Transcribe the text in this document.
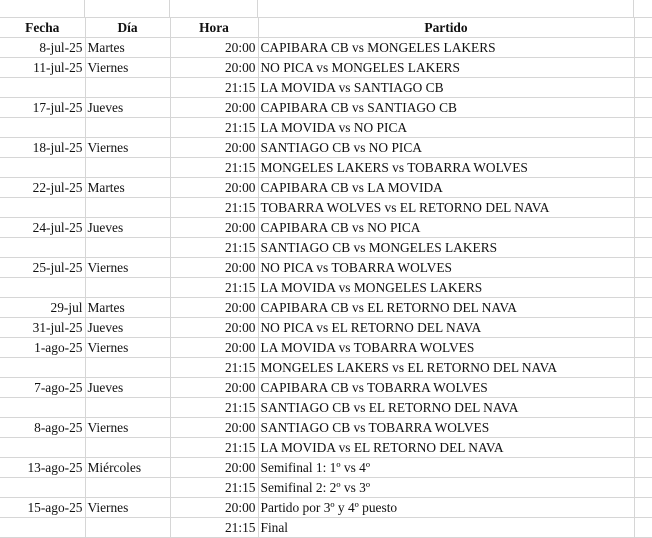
Fecha	Día	Hora	Partido	
8-jul-25	Martes	20:00	CAPIBARA CB vs MONGELES LAKERS	
11-jul-25	Viernes	20:00	NO PICA vs MONGELES LAKERS	
		21:15	LA MOVIDA vs SANTIAGO CB	
17-jul-25	Jueves	20:00	CAPIBARA CB vs SANTIAGO CB	
		21:15	LA MOVIDA vs NO PICA	
18-jul-25	Viernes	20:00	SANTIAGO CB vs NO PICA	
		21:15	MONGELES LAKERS vs TOBARRA WOLVES	
22-jul-25	Martes	20:00	CAPIBARA CB vs LA MOVIDA	
		21:15	TOBARRA WOLVES vs EL RETORNO DEL NAVA	
24-jul-25	Jueves	20:00	CAPIBARA CB vs NO PICA	
		21:15	SANTIAGO CB vs MONGELES LAKERS	
25-jul-25	Viernes	20:00	NO PICA vs TOBARRA WOLVES	
		21:15	LA MOVIDA vs MONGELES LAKERS	
29-jul	Martes	20:00	CAPIBARA CB vs EL RETORNO DEL NAVA	
31-jul-25	Jueves	20:00	NO PICA vs EL RETORNO DEL NAVA	
1-ago-25	Viernes	20:00	LA MOVIDA vs TOBARRA WOLVES	
		21:15	MONGELES LAKERS vs EL RETORNO DEL NAVA	
7-ago-25	Jueves	20:00	CAPIBARA CB vs TOBARRA WOLVES	
		21:15	SANTIAGO CB vs EL RETORNO DEL NAVA	
8-ago-25	Viernes	20:00	SANTIAGO CB vs TOBARRA WOLVES	
		21:15	LA MOVIDA vs EL RETORNO DEL NAVA	
13-ago-25	Miércoles	20:00	Semifinal 1: 1º vs 4º	
		21:15	Semifinal 2: 2º vs 3º	
15-ago-25	Viernes	20:00	Partido por 3º y 4º puesto	
		21:15	Final	
